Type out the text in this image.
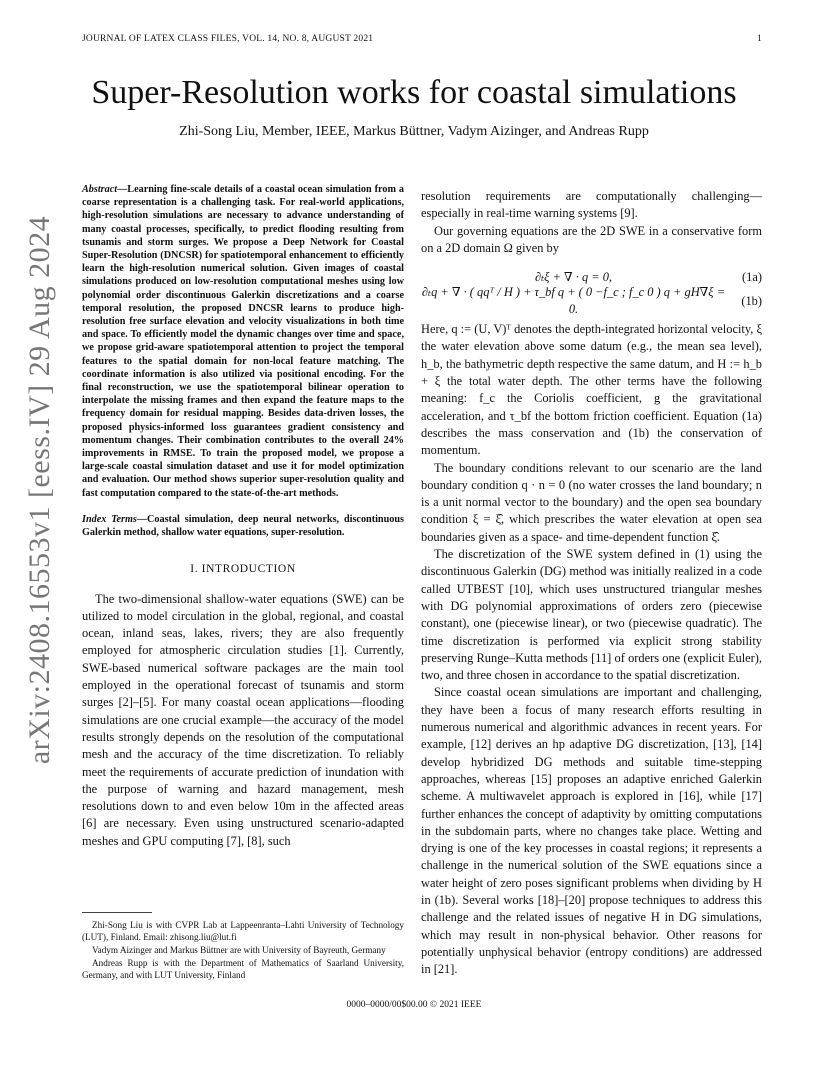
JOURNAL OF LATEX CLASS FILES, VOL. 14, NO. 8, AUGUST 2021	1
arXiv:2408.16553v1 [eess.IV] 29 Aug 2024
Super-Resolution works for coastal simulations
Zhi-Song Liu, Member, IEEE, Markus Büttner, Vadym Aizinger, and Andreas Rupp

Abstract—Learning fine-scale details of a coastal ocean simulation from a coarse representation is a challenging task. For real-world applications, high-resolution simulations are necessary to advance understanding of many coastal processes, specifically, to predict flooding resulting from tsunamis and storm surges. We propose a Deep Network for Coastal Super-Resolution (DNCSR) for spatiotemporal enhancement to efficiently learn the high-resolution numerical solution. Given images of coastal simulations produced on low-resolution computational meshes using low polynomial order discontinuous Galerkin discretizations and a coarse temporal resolution, the proposed DNCSR learns to produce high-resolution free surface elevation and velocity visualizations in both time and space. To efficiently model the dynamic changes over time and space, we propose grid-aware spatiotemporal attention to project the temporal features to the spatial domain for non-local feature matching. The coordinate information is also utilized via positional encoding. For the final reconstruction, we use the spatiotemporal bilinear operation to interpolate the missing frames and then expand the feature maps to the frequency domain for residual mapping. Besides data-driven losses, the proposed physics-informed loss guarantees gradient consistency and momentum changes. Their combination contributes to the overall 24% improvements in RMSE. To train the proposed model, we propose a large-scale coastal simulation dataset and use it for model optimization and evaluation. Our method shows superior super-resolution quality and fast computation compared to the state-of-the-art methods.

Index Terms—Coastal simulation, deep neural networks, discontinuous Galerkin method, shallow water equations, super-resolution.

I. INTRODUCTION

The two-dimensional shallow-water equations (SWE) can be utilized to model circulation in the global, regional, and coastal ocean, inland seas, lakes, rivers; they are also frequently employed for atmospheric circulation studies [1]. Currently, SWE-based numerical software packages are the main tool employed in the operational forecast of tsunamis and storm surges [2]–[5]. For many coastal ocean applications—flooding simulations are one crucial example—the accuracy of the model results strongly depends on the resolution of the computational mesh and the accuracy of the time discretization. To reliably meet the requirements of accurate prediction of inundation with the purpose of warning and hazard management, mesh resolutions down to and even below 10m in the affected areas [6] are necessary. Even using unstructured scenario-adapted meshes and GPU computing [7], [8], such

Zhi-Song Liu is with CVPR Lab at Lappeenranta–Lahti University of Technology (LUT), Finland. Email: zhisong.liu@lut.fi

Vadym Aizinger and Markus Büttner are with University of Bayreuth, Germany

Andreas Rupp is with the Department of Mathematics of Saarland University, Germany, and with LUT University, Finland

resolution requirements are computationally challenging—especially in real-time warning systems [9].

Our governing equations are the 2D SWE in a conservative form on a 2D domain Ω given by

∂ₜξ + ∇ · q = 0,	(1a)
∂ₜq + ∇ · ( qqᵀ / H ) + τ_bf q + ( 0 −f_c ; f_c 0 ) q + gH∇ξ = 0.
(1b)

Here, q := (U, V)ᵀ denotes the depth-integrated horizontal velocity, ξ the water elevation above some datum (e.g., the mean sea level), h_b, the bathymetric depth respective the same datum, and H := h_b + ξ the total water depth. The other terms have the following meaning: f_c the Coriolis coefficient, g the gravitational acceleration, and τ_bf the bottom friction coefficient. Equation (1a) describes the mass conservation and (1b) the conservation of momentum.

The boundary conditions relevant to our scenario are the land boundary condition q · n = 0 (no water crosses the land boundary; n is a unit normal vector to the boundary) and the open sea boundary condition ξ = ξ̂, which prescribes the water elevation at open sea boundaries given as a space- and time-dependent function ξ̂.

The discretization of the SWE system defined in (1) using the discontinuous Galerkin (DG) method was initially realized in a code called UTBEST [10], which uses unstructured triangular meshes with DG polynomial approximations of orders zero (piecewise constant), one (piecewise linear), or two (piecewise quadratic). The time discretization is performed via explicit strong stability preserving Runge–Kutta methods [11] of orders one (explicit Euler), two, and three chosen in accordance to the spatial discretization.

Since coastal ocean simulations are important and challenging, they have been a focus of many research efforts resulting in numerous numerical and algorithmic advances in recent years. For example, [12] derives an hp adaptive DG discretization, [13], [14] develop hybridized DG methods and suitable time-stepping approaches, whereas [15] proposes an adaptive enriched Galerkin scheme. A multiwavelet approach is explored in [16], while [17] further enhances the concept of adaptivity by omitting computations in the subdomain parts, where no changes take place. Wetting and drying is one of the key processes in coastal regions; it represents a challenge in the numerical solution of the SWE equations since a water height of zero poses significant problems when dividing by H in (1b). Several works [18]–[20] propose techniques to address this challenge and the related issues of negative H in DG simulations, which may result in non-physical behavior. Other reasons for potentially unphysical behavior (entropy conditions) are addressed in [21].

0000–0000/00$00.00 © 2021 IEEE
